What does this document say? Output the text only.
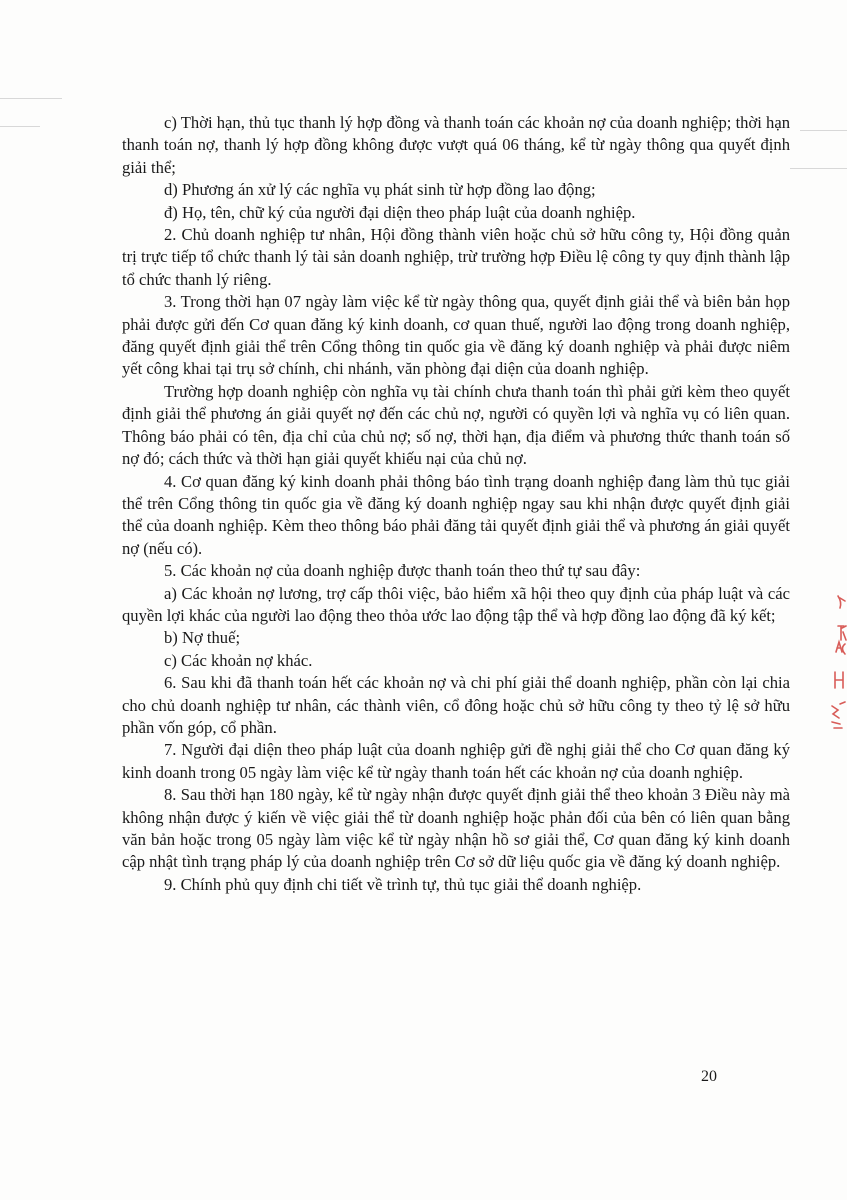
c) Thời hạn, thủ tục thanh lý hợp đồng và thanh toán các khoản nợ của doanh nghiệp; thời hạn thanh toán nợ, thanh lý hợp đồng không được vượt quá 06 tháng, kể từ ngày thông qua quyết định giải thể;

d) Phương án xử lý các nghĩa vụ phát sinh từ hợp đồng lao động;

đ) Họ, tên, chữ ký của người đại diện theo pháp luật của doanh nghiệp.

2. Chủ doanh nghiệp tư nhân, Hội đồng thành viên hoặc chủ sở hữu công ty, Hội đồng quản trị trực tiếp tổ chức thanh lý tài sản doanh nghiệp, trừ trường hợp Điều lệ công ty quy định thành lập tổ chức thanh lý riêng.

3. Trong thời hạn 07 ngày làm việc kể từ ngày thông qua, quyết định giải thể và biên bản họp phải được gửi đến Cơ quan đăng ký kinh doanh, cơ quan thuế, người lao động trong doanh nghiệp, đăng quyết định giải thể trên Cổng thông tin quốc gia về đăng ký doanh nghiệp và phải được niêm yết công khai tại trụ sở chính, chi nhánh, văn phòng đại diện của doanh nghiệp.

Trường hợp doanh nghiệp còn nghĩa vụ tài chính chưa thanh toán thì phải gửi kèm theo quyết định giải thể phương án giải quyết nợ đến các chủ nợ, người có quyền lợi và nghĩa vụ có liên quan. Thông báo phải có tên, địa chỉ của chủ nợ; số nợ, thời hạn, địa điểm và phương thức thanh toán số nợ đó; cách thức và thời hạn giải quyết khiếu nại của chủ nợ.

4. Cơ quan đăng ký kinh doanh phải thông báo tình trạng doanh nghiệp đang làm thủ tục giải thể trên Cổng thông tin quốc gia về đăng ký doanh nghiệp ngay sau khi nhận được quyết định giải thể của doanh nghiệp. Kèm theo thông báo phải đăng tải quyết định giải thể và phương án giải quyết nợ (nếu có).

5. Các khoản nợ của doanh nghiệp được thanh toán theo thứ tự sau đây:

a) Các khoản nợ lương, trợ cấp thôi việc, bảo hiểm xã hội theo quy định của pháp luật và các quyền lợi khác của người lao động theo thỏa ước lao động tập thể và hợp đồng lao động đã ký kết;

b) Nợ thuế;

c) Các khoản nợ khác.

6. Sau khi đã thanh toán hết các khoản nợ và chi phí giải thể doanh nghiệp, phần còn lại chia cho chủ doanh nghiệp tư nhân, các thành viên, cổ đông hoặc chủ sở hữu công ty theo tỷ lệ sở hữu phần vốn góp, cổ phần.

7. Người đại diện theo pháp luật của doanh nghiệp gửi đề nghị giải thể cho Cơ quan đăng ký kinh doanh trong 05 ngày làm việc kể từ ngày thanh toán hết các khoản nợ của doanh nghiệp.

8. Sau thời hạn 180 ngày, kể từ ngày nhận được quyết định giải thể theo khoản 3 Điều này mà không nhận được ý kiến về việc giải thể từ doanh nghiệp hoặc phản đối của bên có liên quan bằng văn bản hoặc trong 05 ngày làm việc kể từ ngày nhận hồ sơ giải thể, Cơ quan đăng ký kinh doanh cập nhật tình trạng pháp lý của doanh nghiệp trên Cơ sở dữ liệu quốc gia về đăng ký doanh nghiệp.

9. Chính phủ quy định chi tiết về trình tự, thủ tục giải thể doanh nghiệp.

20
